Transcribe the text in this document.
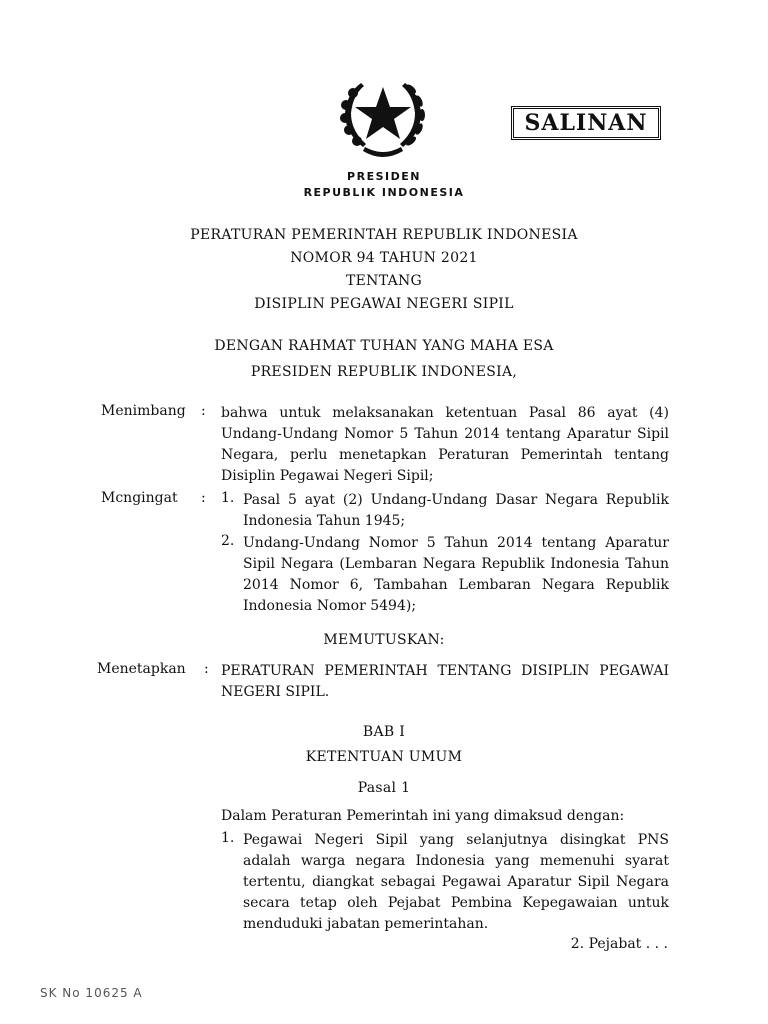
SALINAN
PRESIDEN
REPUBLIK INDONESIA
PERATURAN PEMERINTAH REPUBLIK INDONESIA
NOMOR 94 TAHUN 2021
TENTANG
DISIPLIN PEGAWAI NEGERI SIPIL
DENGAN RAHMAT TUHAN YANG MAHA ESA
PRESIDEN REPUBLIK INDONESIA,
Menimbang : bahwa untuk melaksanakan ketentuan Pasal 86 ayat (4)
Undang-Undang Nomor 5 Tahun 2014 tentang Aparatur Sipil
Negara, perlu menetapkan Peraturan Pemerintah tentang
Disiplin Pegawai Negeri Sipil;
Mcngingat : 1. Pasal 5 ayat (2) Undang-Undang Dasar Negara Republik
Indonesia Tahun 1945;
2. Undang-Undang Nomor 5 Tahun 2014 tentang Aparatur
Sipil Negara (Lembaran Negara Republik Indonesia Tahun
2014 Nomor 6, Tambahan Lembaran Negara Republik
Indonesia Nomor 5494);
MEMUTUSKAN:
Menetapkan : PERATURAN PEMERINTAH TENTANG DISIPLIN PEGAWAI
NEGERI SIPIL.
BAB I
KETENTUAN UMUM
Pasal 1
Dalam Peraturan Pemerintah ini yang dimaksud dengan:
1. Pegawai Negeri Sipil yang selanjutnya disingkat PNS
adalah warga negara Indonesia yang memenuhi syarat
tertentu, diangkat sebagai Pegawai Aparatur Sipil Negara
secara tetap oleh Pejabat Pembina Kepegawaian untuk
menduduki jabatan pemerintahan.
2. Pejabat . . .
SK No 10625 A
